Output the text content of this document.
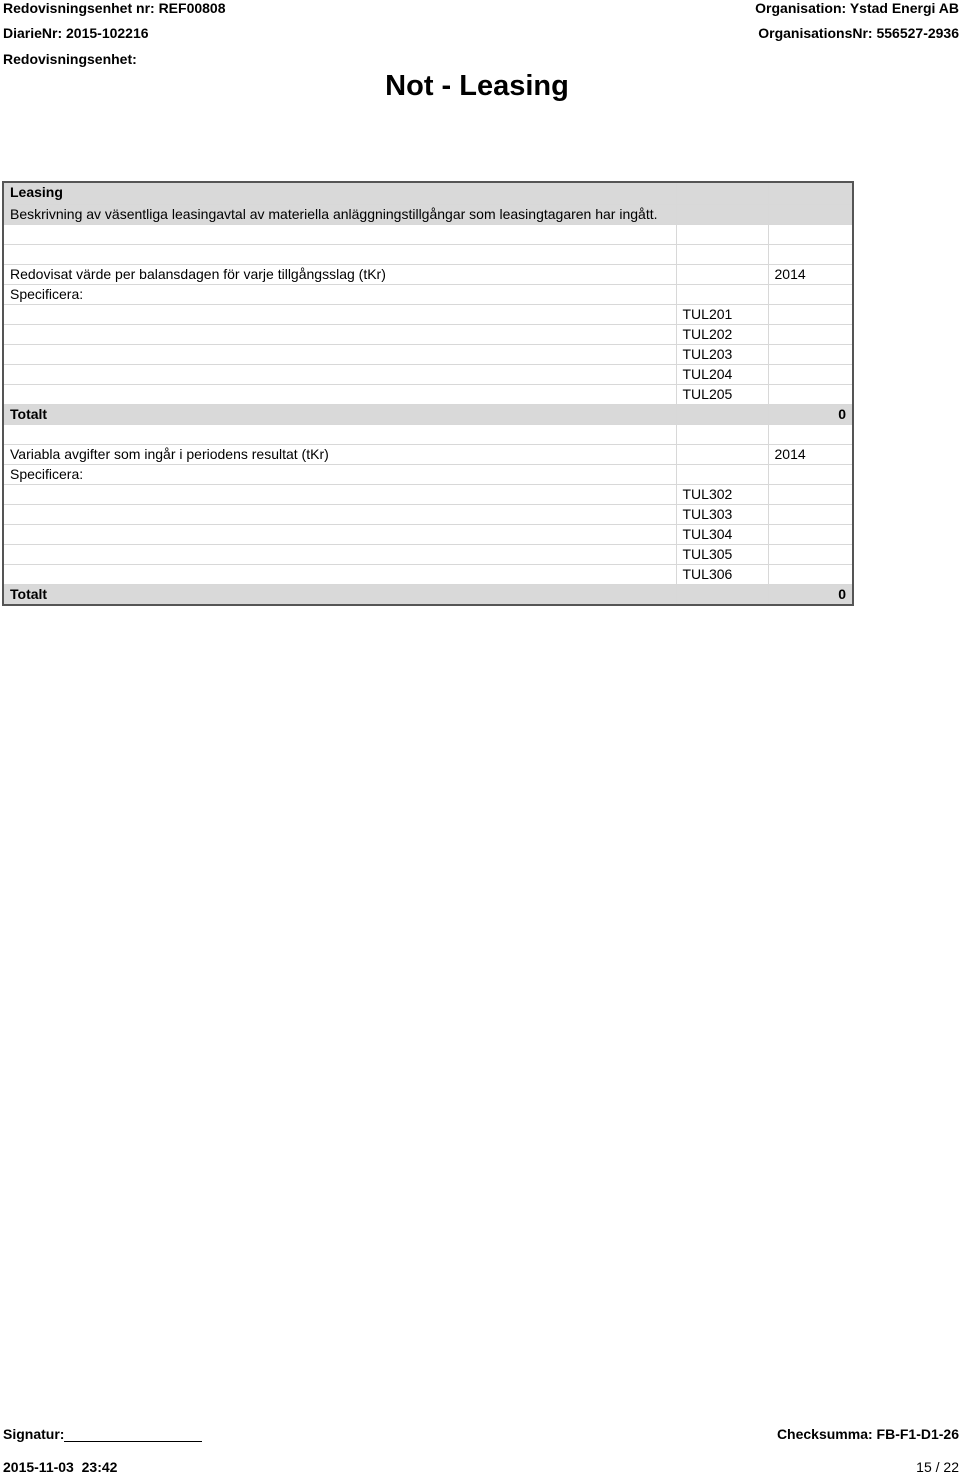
Redovisningsenhet nr: REF00808
DiarieNr: 2015-102216
Redovisningsenhet:
Organisation: Ystad Energi AB
OrganisationsNr: 556527-2936
Not - Leasing
Leasing		
Beskrivning av väsentliga leasingavtal av materiella anläggningstillgångar som leasingtagaren har ingått.		

Redovisat värde per balansdagen för varje tillgångsslag (tKr)		2014
Specificera:		
	TUL201	
	TUL202	
	TUL203	
	TUL204	
	TUL205	
Totalt		0

Variabla avgifter som ingår i periodens resultat (tKr)		2014
Specificera:		
	TUL302	
	TUL303	
	TUL304	
	TUL305	
	TUL306	
Totalt		0
Signatur:	Checksumma: FB-F1-D1-26
2015-11-03  23:42	15 / 22
